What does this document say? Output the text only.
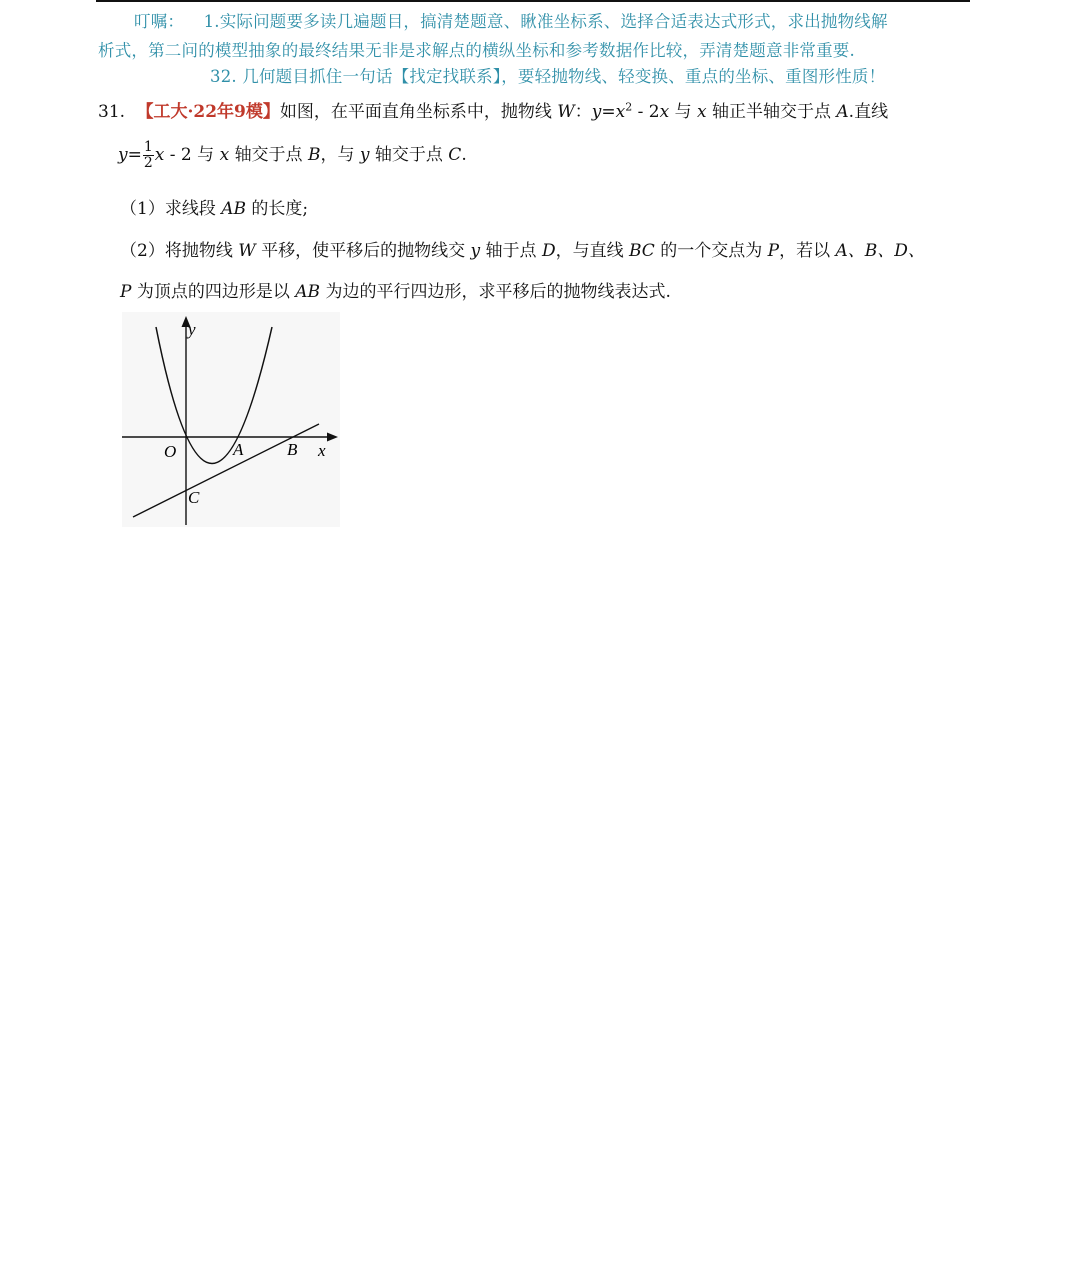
叮嘱： 1.实际问题要多读几遍题目，搞清楚题意、瞅准坐标系、选择合适表达式形式，求出抛物线解
析式，第二问的模型抽象的最终结果无非是求解点的横纵坐标和参考数据作比较，弄清楚题意非常重要.
32. 几何题目抓住一句话【找定找联系】，要轻抛物线、轻变换、重点的坐标、重图形性质！
31. 【工大·22年9模】如图，在平面直角坐标系中，抛物线 W：$y=x^2 - 2x$ 与 x 轴正半轴交于点 A.直线
$y= \frac{1}{2}$ x - 2 与 x 轴交于点 B，与 y 轴交于点 C.
（1）求线段 AB 的长度;
（2）将抛物线 W 平移，使平移后的抛物线交 y 轴于点 D，与直线 BC 的一个交点为 P，若以 A、B、D、
P 为顶点的四边形是以 AB 为边的平行四边形，求平移后的抛物线表达式.
y
x
O	A	B
C
